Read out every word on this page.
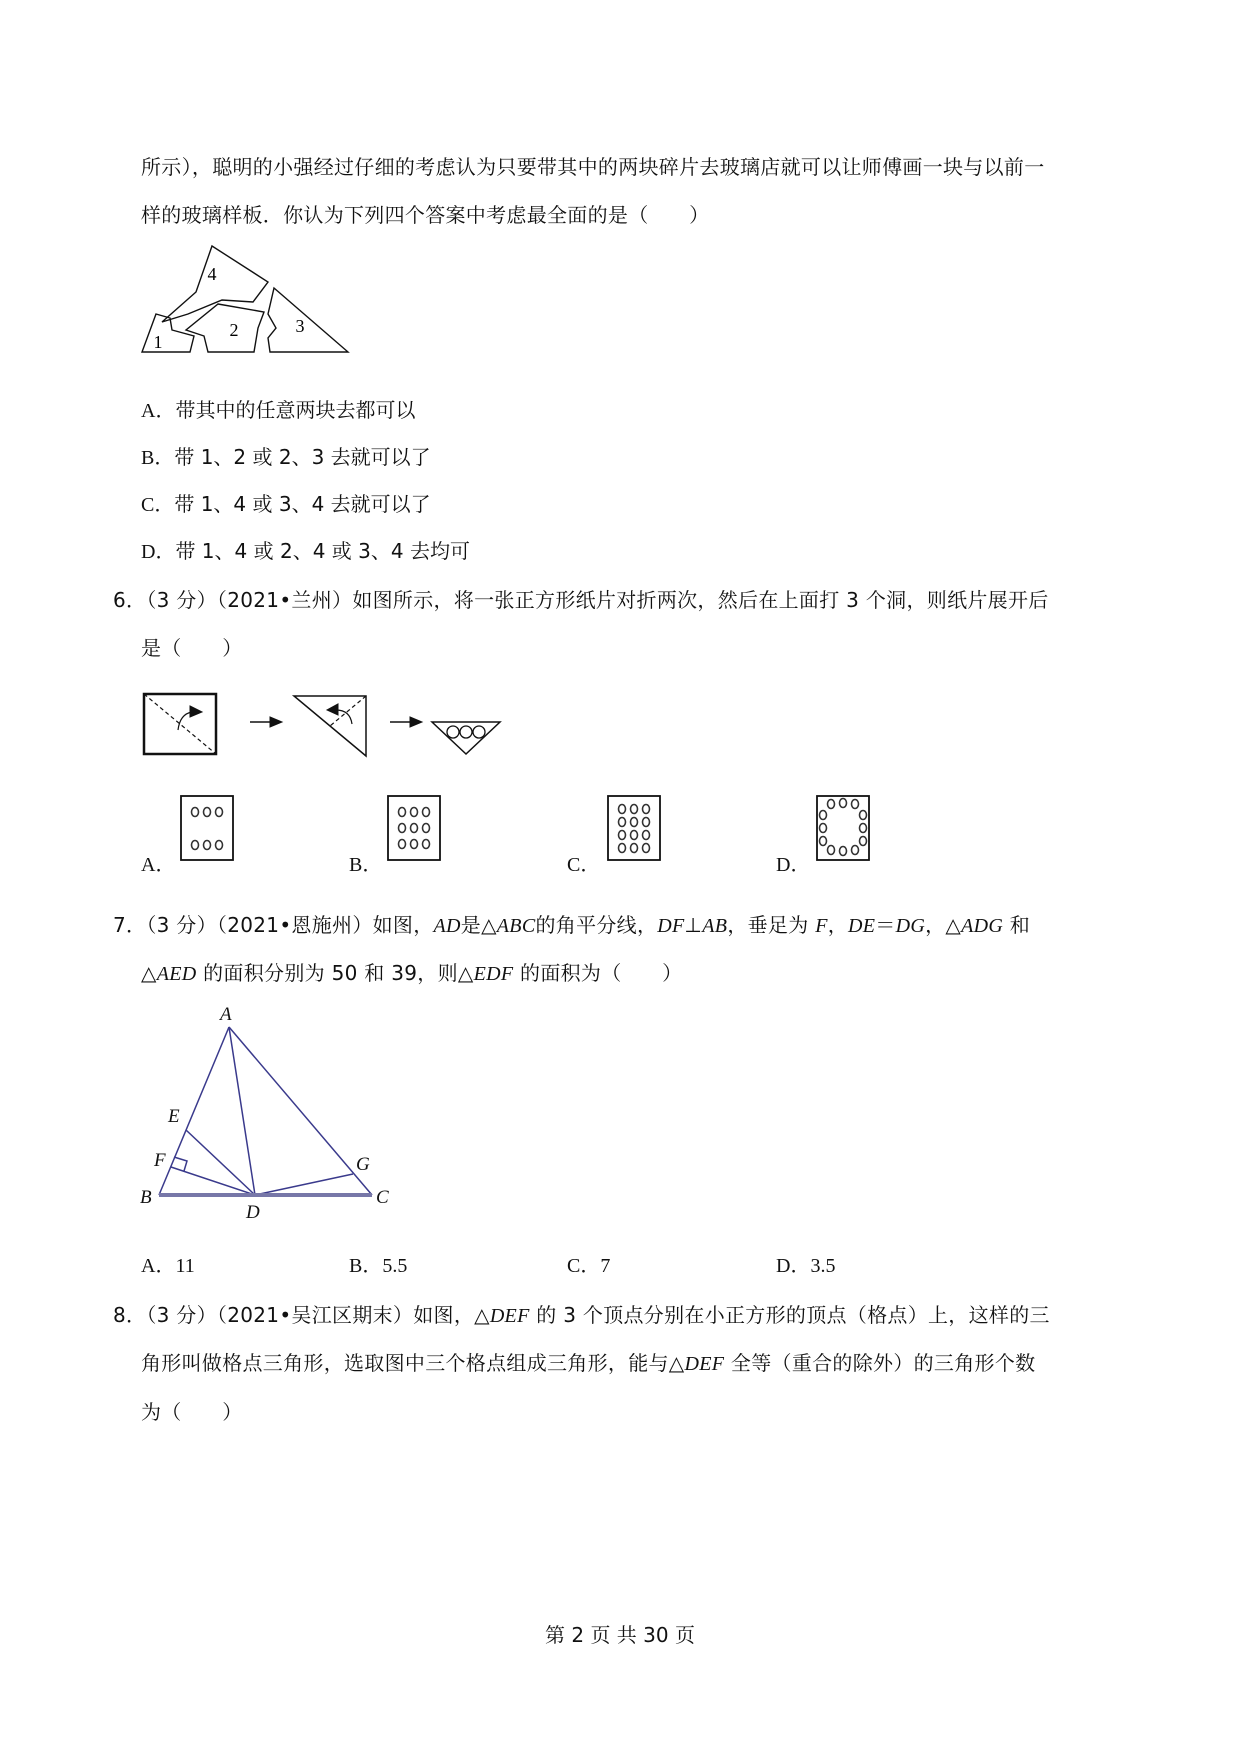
所示），聪明的小强经过仔细的考虑认为只要带其中的两块碎片去玻璃店就可以让师傅画一块与以前一
样的玻璃样板．你认为下列四个答案中考虑最全面的是（　　）
4
1
2	3
A．带其中的任意两块去都可以
B．带 1、2 或 2、3 去就可以了
C．带 1、4 或 3、4 去就可以了
D．带 1、4 或 2、4 或 3、4 去均可
6．（3 分）（2021•兰州）如图所示，将一张正方形纸片对折两次，然后在上面打 3 个洞，则纸片展开后
是（　　）
A．	B．	C．	D．
7．（3 分）（2021•恩施州）如图，AD是△ABC的角平分线，DF⊥AB，垂足为 F，DE＝DG，△ADG 和
△AED 的面积分别为 50 和 39，则△EDF 的面积为（　　）
A
B	C
D
E
F	G
A．11	B．5.5	C．7	D．3.5
8．（3 分）（2021•吴江区期末）如图，△DEF 的 3 个顶点分别在小正方形的顶点（格点）上，这样的三
角形叫做格点三角形，选取图中三个格点组成三角形，能与△DEF 全等（重合的除外）的三角形个数
为（　　）
第 2 页 共 30 页
